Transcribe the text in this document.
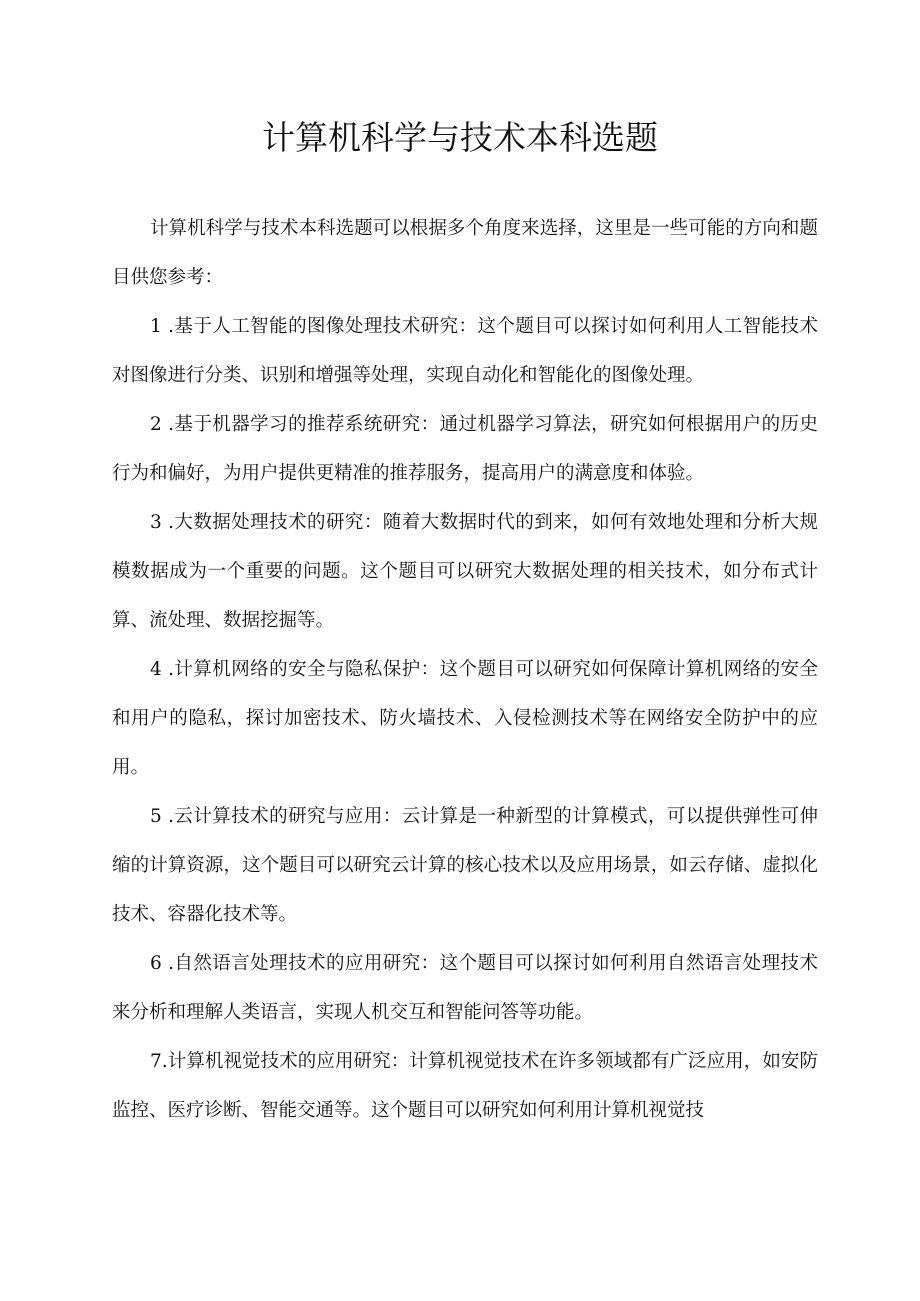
计算机科学与技术本科选题

计算机科学与技术本科选题可以根据多个角度来选择，这里是一些可能的方向和题目供您参考：

1 .基于人工智能的图像处理技术研究：这个题目可以探讨如何利用人工智能技术对图像进行分类、识别和增强等处理，实现自动化和智能化的图像处理。

2 .基于机器学习的推荐系统研究：通过机器学习算法，研究如何根据用户的历史行为和偏好，为用户提供更精准的推荐服务，提高用户的满意度和体验。

3 .大数据处理技术的研究：随着大数据时代的到来，如何有效地处理和分析大规模数据成为一个重要的问题。这个题目可以研究大数据处理的相关技术，如分布式计算、流处理、数据挖掘等。

4 .计算机网络的安全与隐私保护：这个题目可以研究如何保障计算机网络的安全和用户的隐私，探讨加密技术、防火墙技术、入侵检测技术等在网络安全防护中的应用。

5 .云计算技术的研究与应用：云计算是一种新型的计算模式，可以提供弹性可伸缩的计算资源，这个题目可以研究云计算的核心技术以及应用场景，如云存储、虚拟化技术、容器化技术等。

6 .自然语言处理技术的应用研究：这个题目可以探讨如何利用自然语言处理技术来分析和理解人类语言，实现人机交互和智能问答等功能。

7.计算机视觉技术的应用研究：计算机视觉技术在许多领域都有广泛应用，如安防监控、医疗诊断、智能交通等。这个题目可以研究如何利用计算机视觉技
